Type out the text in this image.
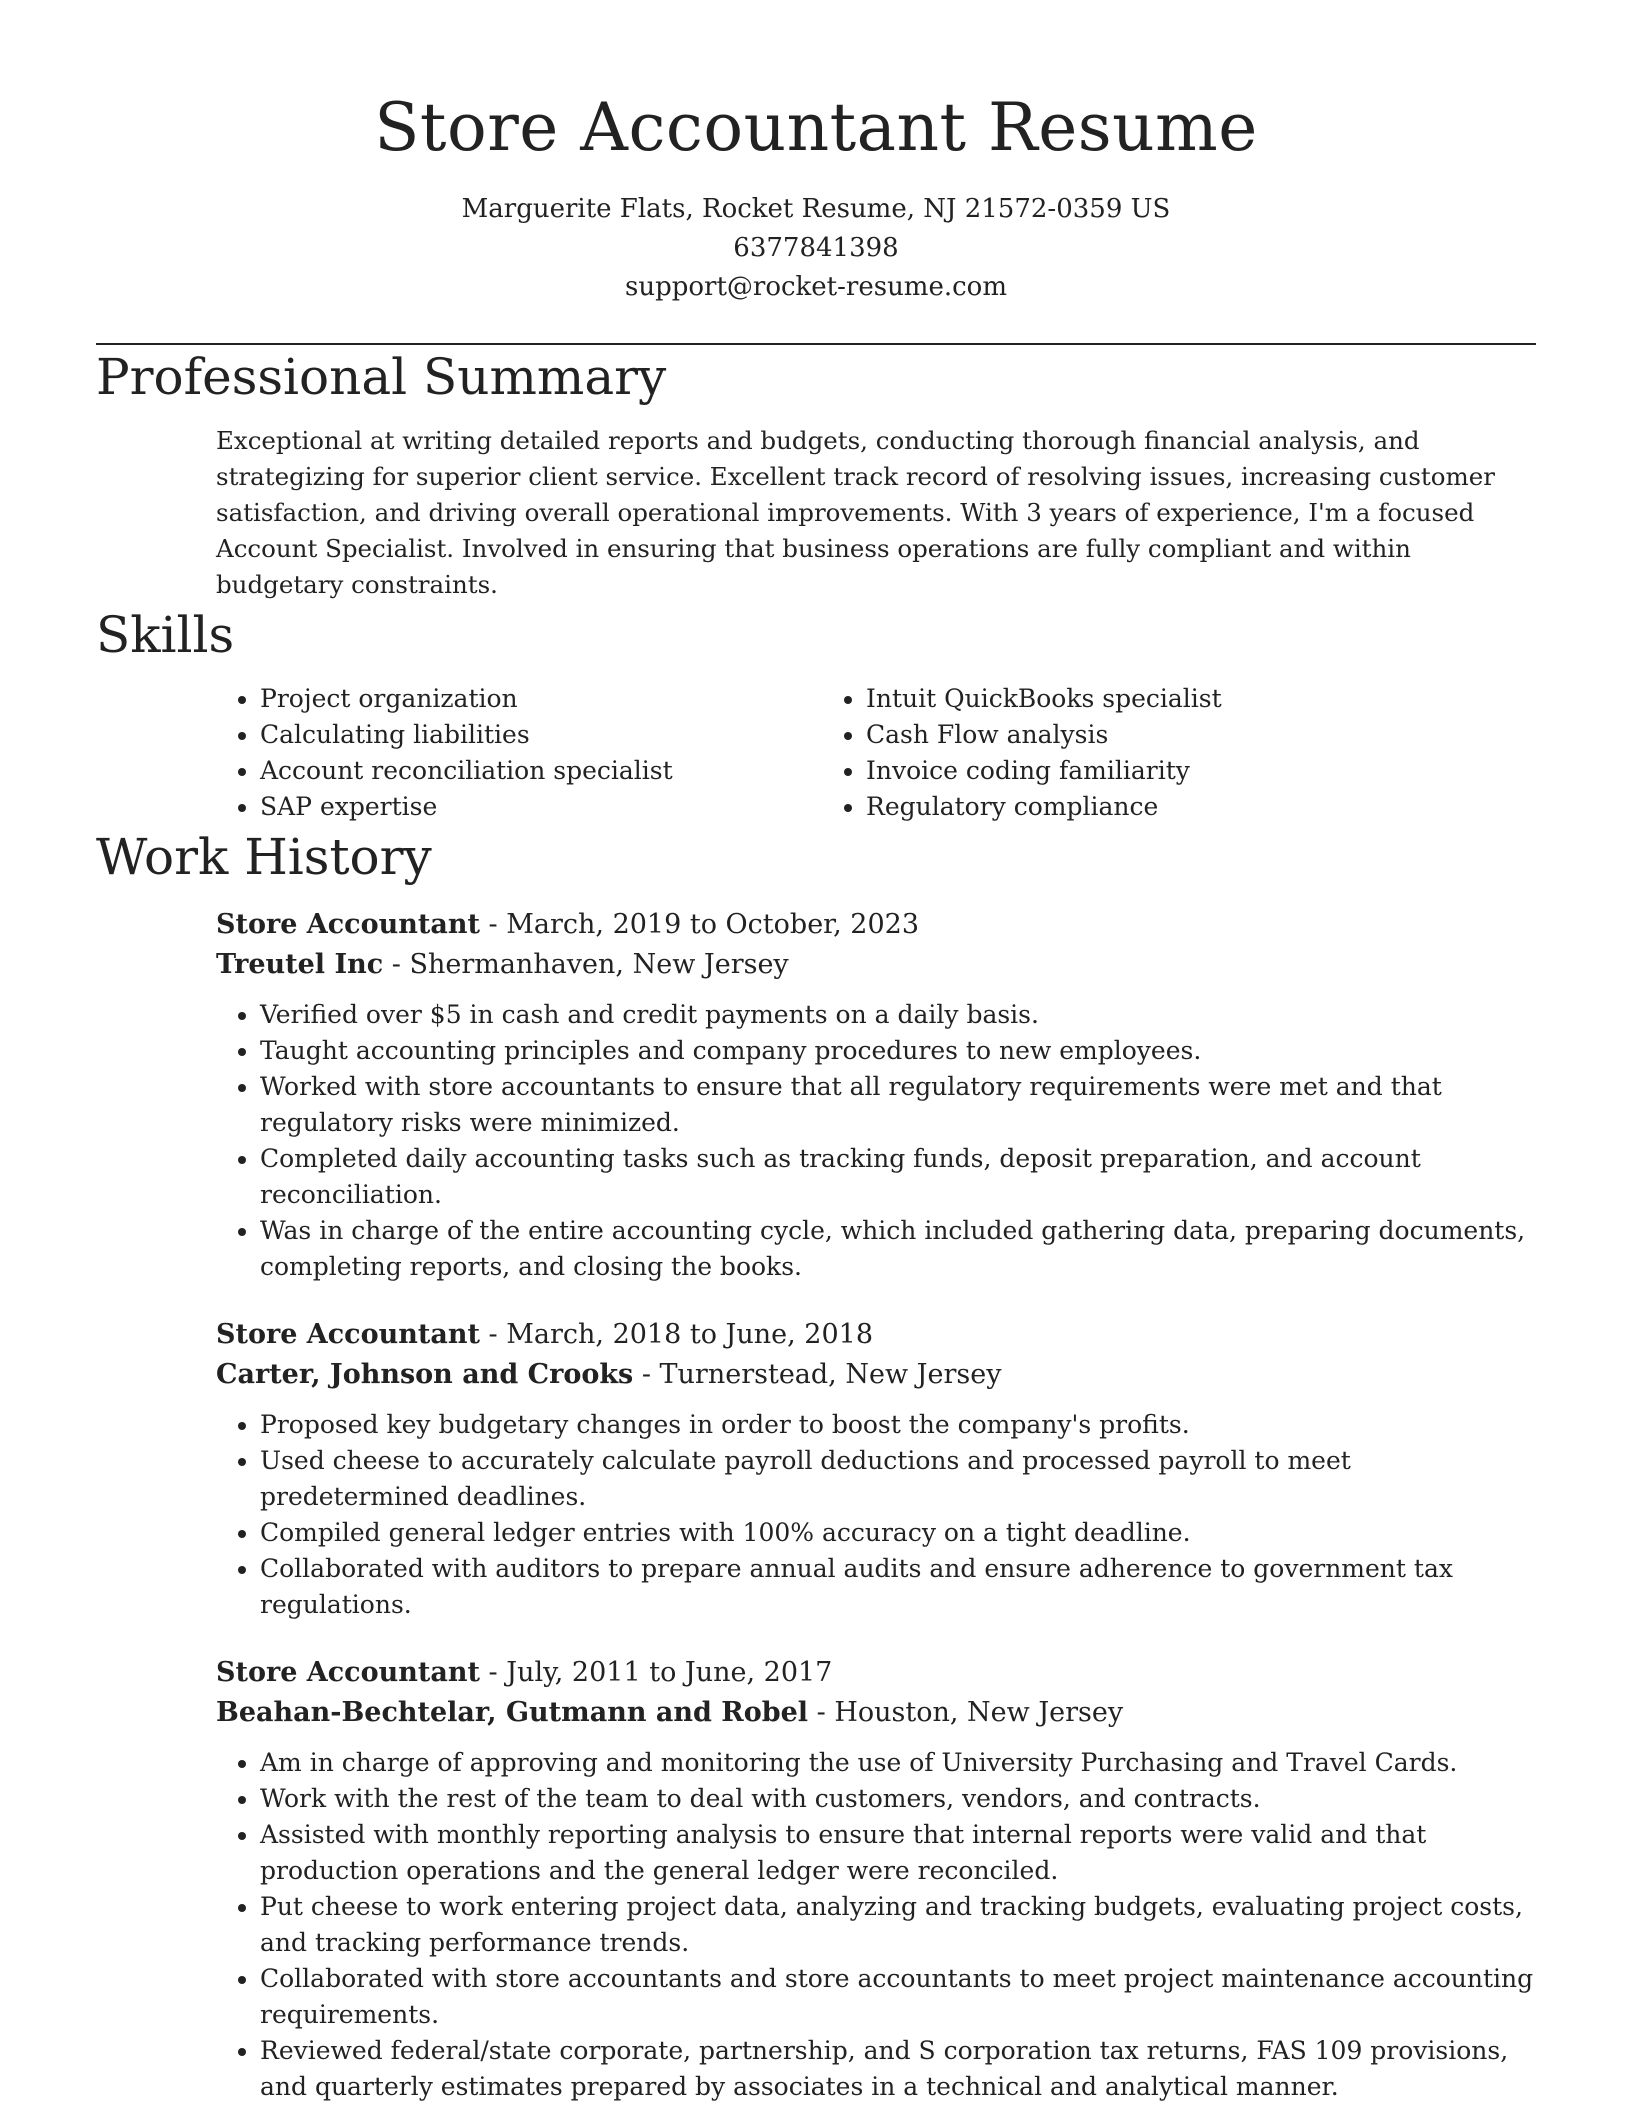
Store Accountant Resume
Marguerite Flats, Rocket Resume, NJ 21572-0359 US
6377841398
support@rocket-resume.com
Professional Summary
Exceptional at writing detailed reports and budgets, conducting thorough financial analysis, and strategizing for superior client service. Excellent track record of resolving issues, increasing customer satisfaction, and driving overall operational improvements. With 3 years of experience, I'm a focused Account Specialist. Involved in ensuring that business operations are fully compliant and within budgetary constraints.
Skills
• Project organization
• Calculating liabilities
• Account reconciliation specialist
• SAP expertise
• Intuit QuickBooks specialist
• Cash Flow analysis
• Invoice coding familiarity
• Regulatory compliance
Work History
Store Accountant - March, 2019 to October, 2023
Treutel Inc - Shermanhaven, New Jersey
• Verified over $5 in cash and credit payments on a daily basis.
• Taught accounting principles and company procedures to new employees.
• Worked with store accountants to ensure that all regulatory requirements were met and that regulatory risks were minimized.
• Completed daily accounting tasks such as tracking funds, deposit preparation, and account reconciliation.
• Was in charge of the entire accounting cycle, which included gathering data, preparing documents, completing reports, and closing the books.
Store Accountant - March, 2018 to June, 2018
Carter, Johnson and Crooks - Turnerstead, New Jersey
• Proposed key budgetary changes in order to boost the company's profits.
• Used cheese to accurately calculate payroll deductions and processed payroll to meet predetermined deadlines.
• Compiled general ledger entries with 100% accuracy on a tight deadline.
• Collaborated with auditors to prepare annual audits and ensure adherence to government tax regulations.
Store Accountant - July, 2011 to June, 2017
Beahan-Bechtelar, Gutmann and Robel - Houston, New Jersey
• Am in charge of approving and monitoring the use of University Purchasing and Travel Cards.
• Work with the rest of the team to deal with customers, vendors, and contracts.
• Assisted with monthly reporting analysis to ensure that internal reports were valid and that production operations and the general ledger were reconciled.
• Put cheese to work entering project data, analyzing and tracking budgets, evaluating project costs, and tracking performance trends.
• Collaborated with store accountants and store accountants to meet project maintenance accounting requirements.
• Reviewed federal/state corporate, partnership, and S corporation tax returns, FAS 109 provisions, and quarterly estimates prepared by associates in a technical and analytical manner.
